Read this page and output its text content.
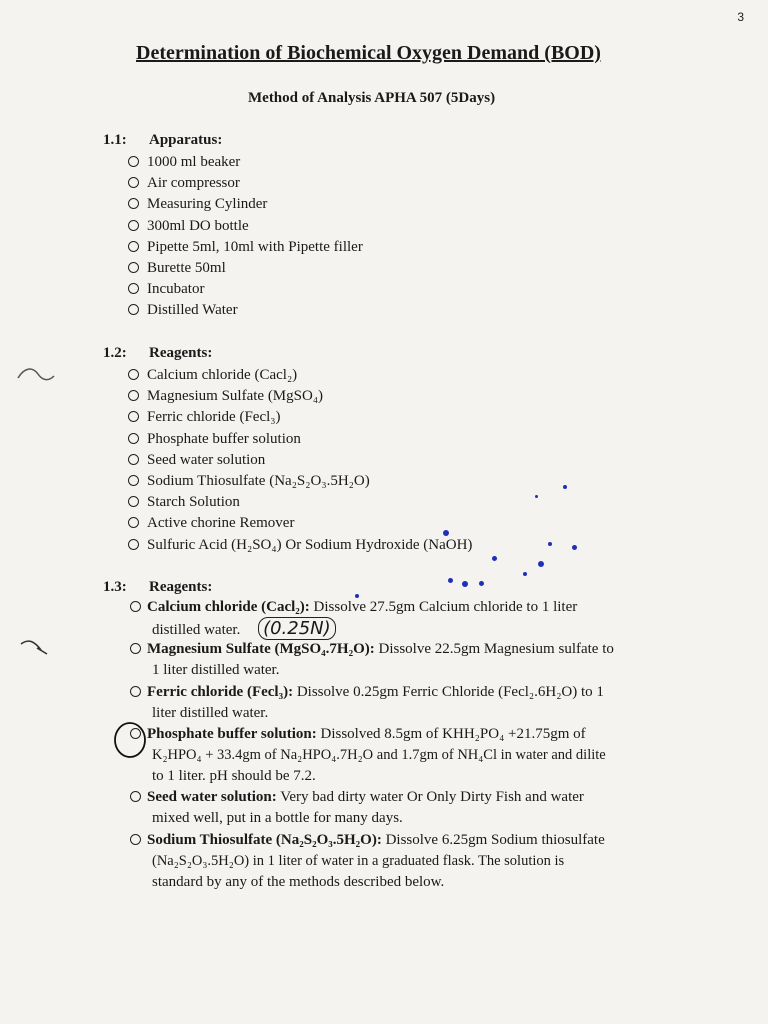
3
Determination of Biochemical Oxygen Demand (BOD)
Method of Analysis APHA 507 (5Days)
1.1: Apparatus:
1000 ml beaker
Air compressor
Measuring Cylinder
300ml DO bottle
Pipette 5ml, 10ml with Pipette filler
Burette 50ml
Incubator
Distilled Water
1.2: Reagents:
Calcium chloride (Cacl₂)
Magnesium Sulfate (MgSO₄)
Ferric chloride (Fecl₃)
Phosphate buffer solution
Seed water solution
Sodium Thiosulfate (Na₂S₂O₃.5H₂O)
Starch Solution
Active chorine Remover
Sulfuric Acid (H₂SO₄) Or Sodium Hydroxide (NaOH)
1.3: Reagents:
Calcium chloride (Cacl₂): Dissolve 27.5gm Calcium chloride to 1 liter
distilled water. (0.25N)
Magnesium Sulfate (MgSO₄.7H₂O): Dissolve 22.5gm Magnesium sulfate to
1 liter distilled water.
Ferric chloride (Fecl₃): Dissolve 0.25gm Ferric Chloride (Fecl₂.6H₂O) to 1
liter distilled water.
Phosphate buffer solution: Dissolved 8.5gm of KHH₂PO₄ +21.75gm of
K₂HPO₄ + 33.4gm of Na₂HPO₄.7H₂O and 1.7gm of NH₄Cl in water and dilite
to 1 liter. pH should be 7.2.
Seed water solution: Very bad dirty water Or Only Dirty Fish and water
mixed well, put in a bottle for many days.
Sodium Thiosulfate (Na₂S₂O₃.5H₂O): Dissolve 6.25gm Sodium thiosulfate
(Na₂S₂O₃.5H₂O) in 1 liter of water in a graduated flask. The solution is
standard by any of the methods described below.
